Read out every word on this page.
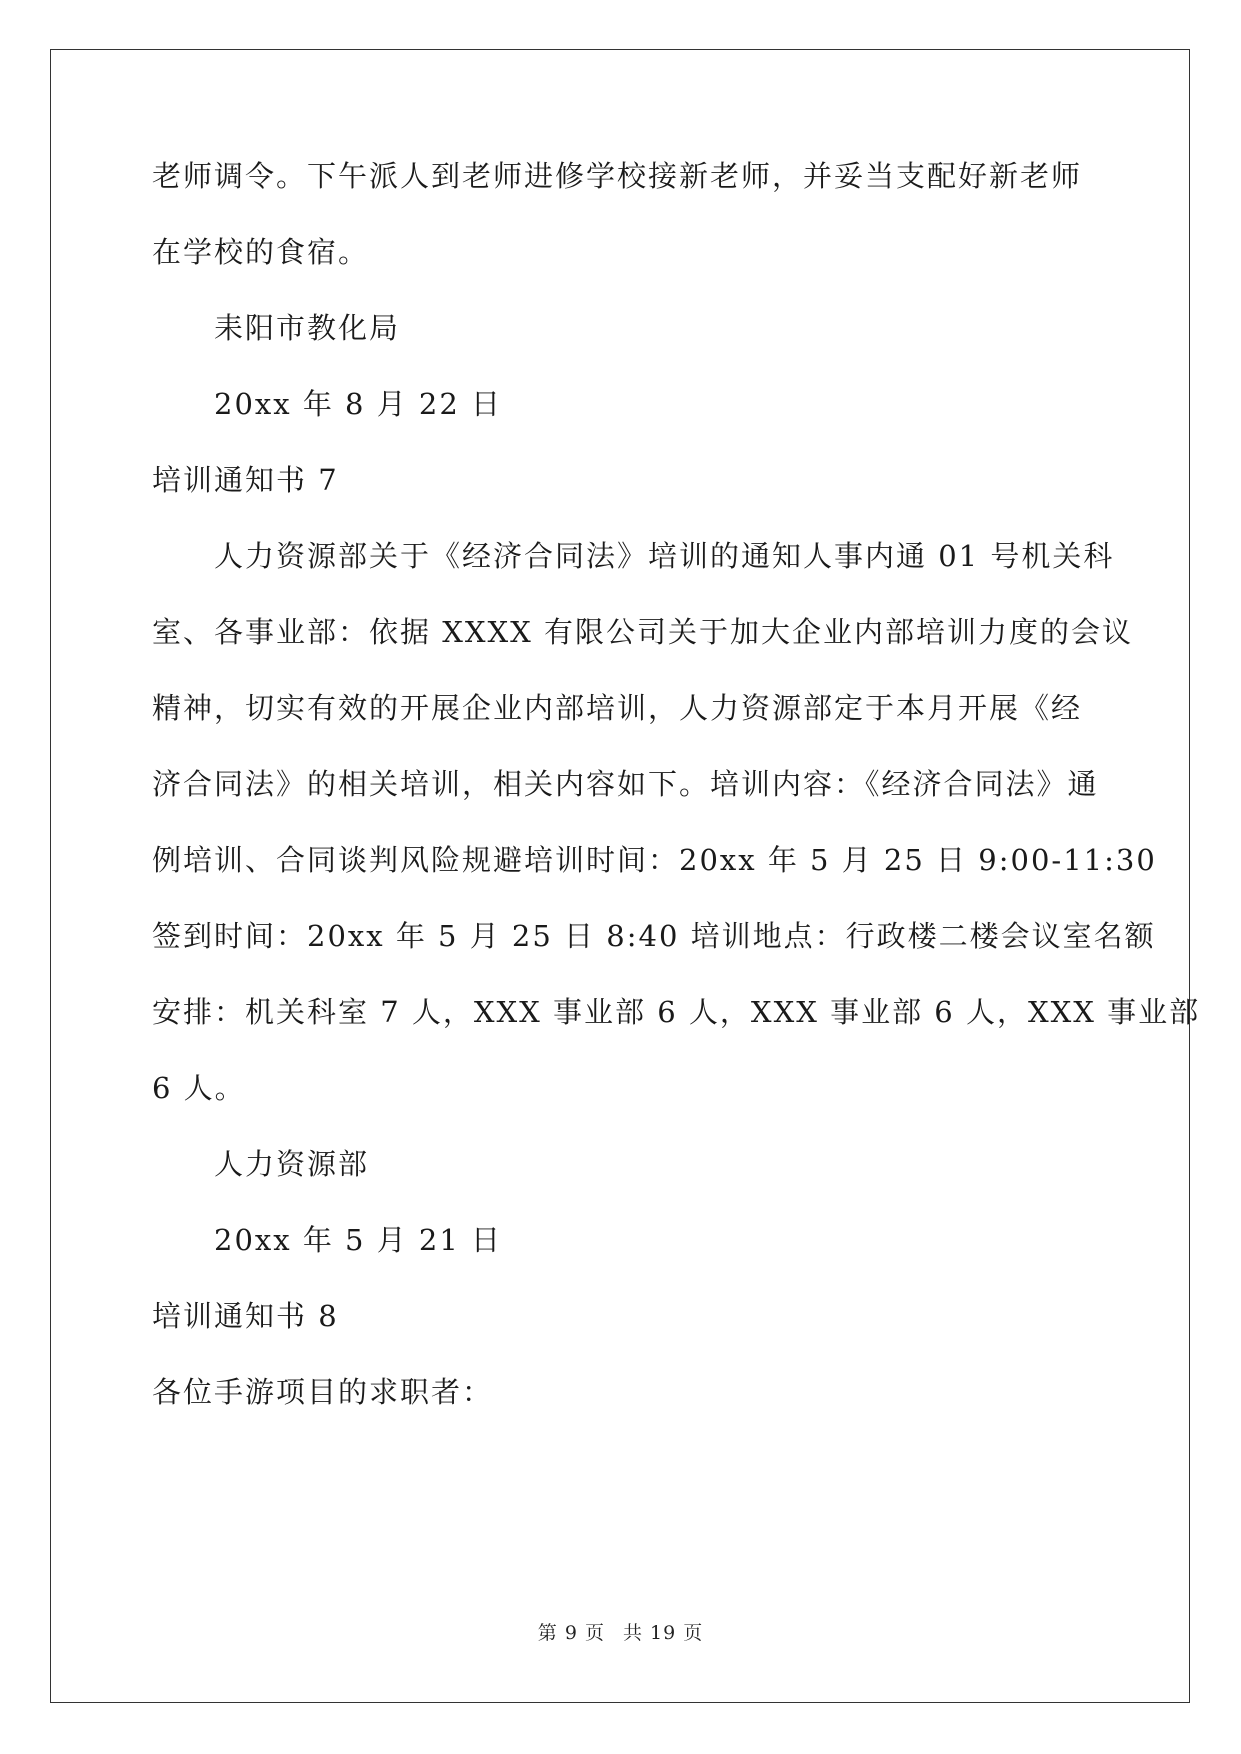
老师调令。下午派人到老师进修学校接新老师，并妥当支配好新老师
在学校的食宿。
耒阳市教化局
20xx 年 8 月 22 日
培训通知书 7
人力资源部关于《经济合同法》培训的通知人事内通 01 号机关科
室、各事业部：依据 XXXX 有限公司关于加大企业内部培训力度的会议
精神，切实有效的开展企业内部培训，人力资源部定于本月开展《经
济合同法》的相关培训，相关内容如下。培训内容：《经济合同法》通
例培训、合同谈判风险规避培训时间：20xx 年 5 月 25 日 9:00-11:30
签到时间：20xx 年 5 月 25 日 8:40 培训地点：行政楼二楼会议室名额
安排：机关科室 7 人，XXX 事业部 6 人，XXX 事业部 6 人，XXX 事业部
6 人。
人力资源部
20xx 年 5 月 21 日
培训通知书 8
各位手游项目的求职者：
第 9 页 共 19 页
